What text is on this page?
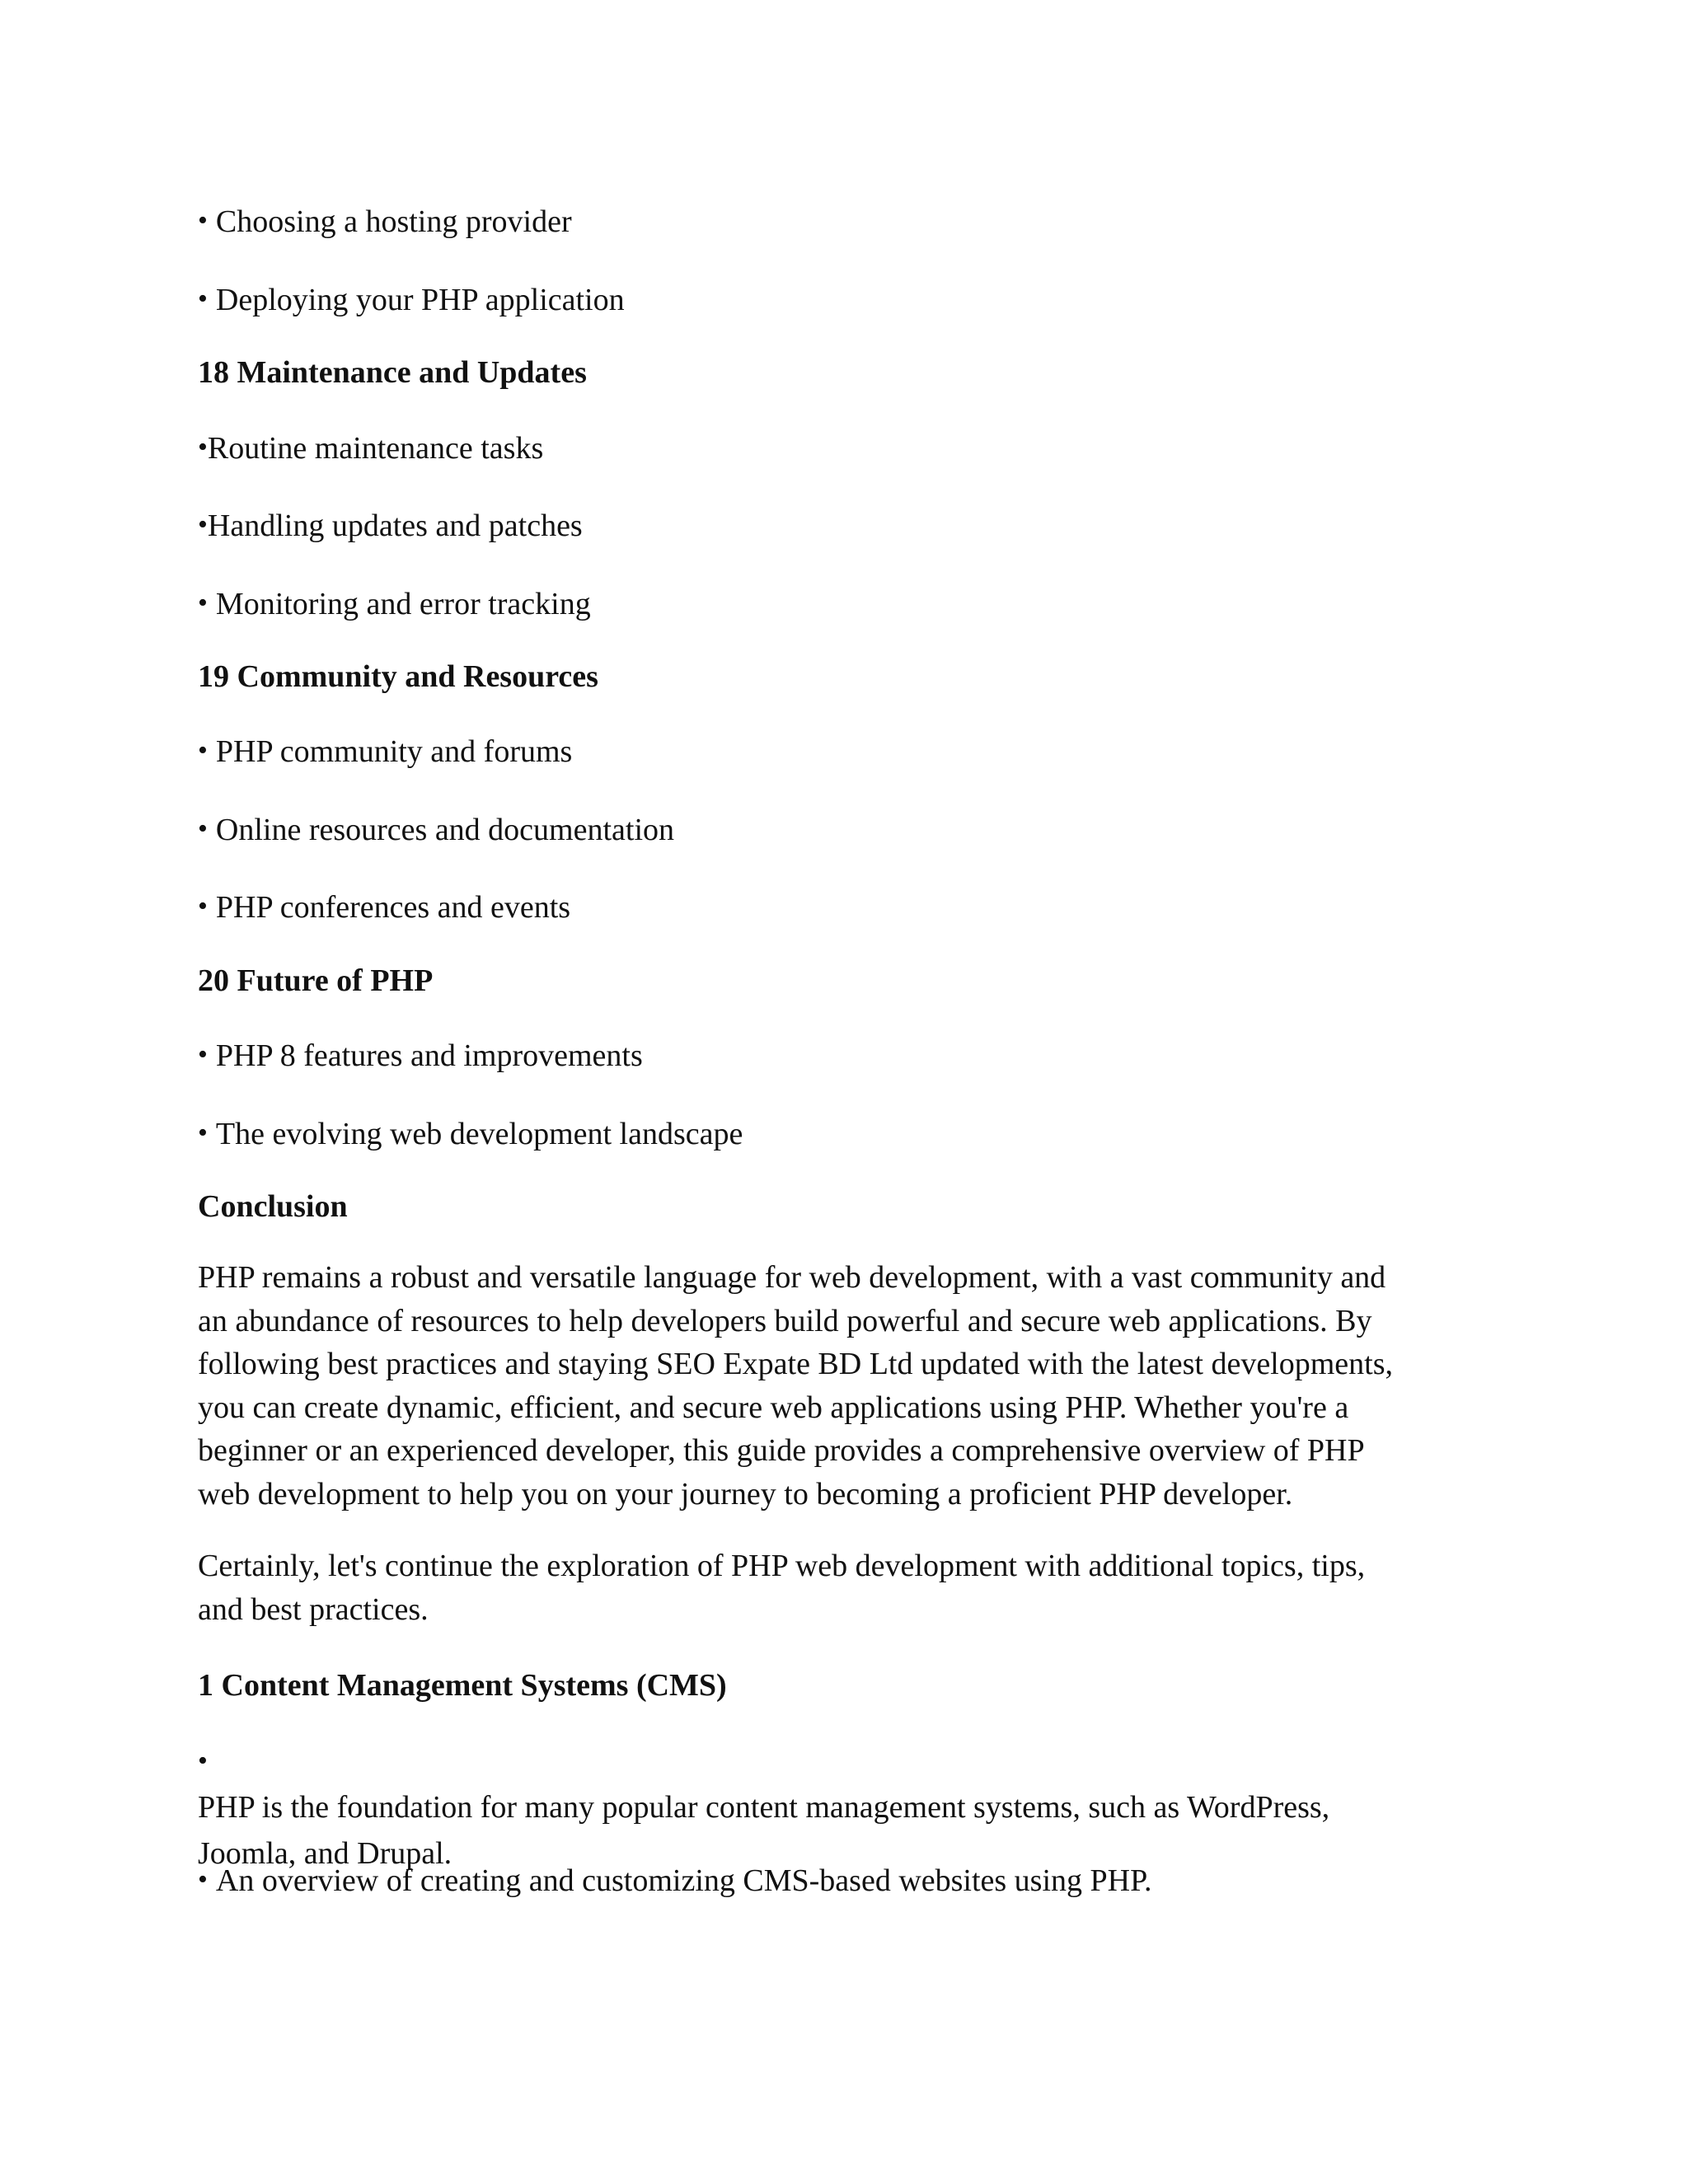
• Choosing a hosting provider
• Deploying your PHP application
18 Maintenance and Updates
•Routine maintenance tasks
•Handling updates and patches
• Monitoring and error tracking
19 Community and Resources
• PHP community and forums
• Online resources and documentation
• PHP conferences and events
20 Future of PHP
• PHP 8 features and improvements
• The evolving web development landscape
Conclusion
PHP remains a robust and versatile language for web development, with a vast community and
an abundance of resources to help developers build powerful and secure web applications. By
following best practices and staying SEO Expate BD Ltd updated with the latest developments,
you can create dynamic, efficient, and secure web applications using PHP. Whether you're a
beginner or an experienced developer, this guide provides a comprehensive overview of PHP
web development to help you on your journey to becoming a proficient PHP developer.
Certainly, let's continue the exploration of PHP web development with additional topics, tips,
and best practices.
1 Content Management Systems (CMS)
•
PHP is the foundation for many popular content management systems, such as WordPress,
Joomla, and Drupal.
• An overview of creating and customizing CMS-based websites using PHP.
